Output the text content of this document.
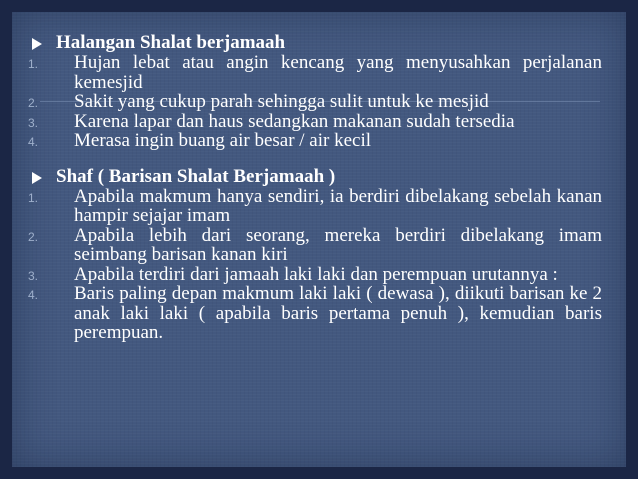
Halangan Shalat berjamaah
1. Hujan lebat atau angin kencang yang menyusahkan perjalanan kemesjid
2. Sakit yang cukup parah sehingga sulit untuk ke mesjid
3. Karena lapar dan haus sedangkan makanan sudah tersedia
4. Merasa ingin buang air besar / air kecil
Shaf ( Barisan Shalat Berjamaah )
1. Apabila makmum hanya sendiri, ia berdiri dibelakang sebelah kanan hampir sejajar imam
2. Apabila lebih dari seorang, mereka berdiri dibelakang imam seimbang barisan kanan kiri
3. Apabila terdiri dari jamaah laki laki dan perempuan urutannya :
4. Baris paling depan makmum laki laki ( dewasa ), diikuti barisan ke 2 anak laki laki ( apabila baris pertama penuh ), kemudian baris perempuan.
